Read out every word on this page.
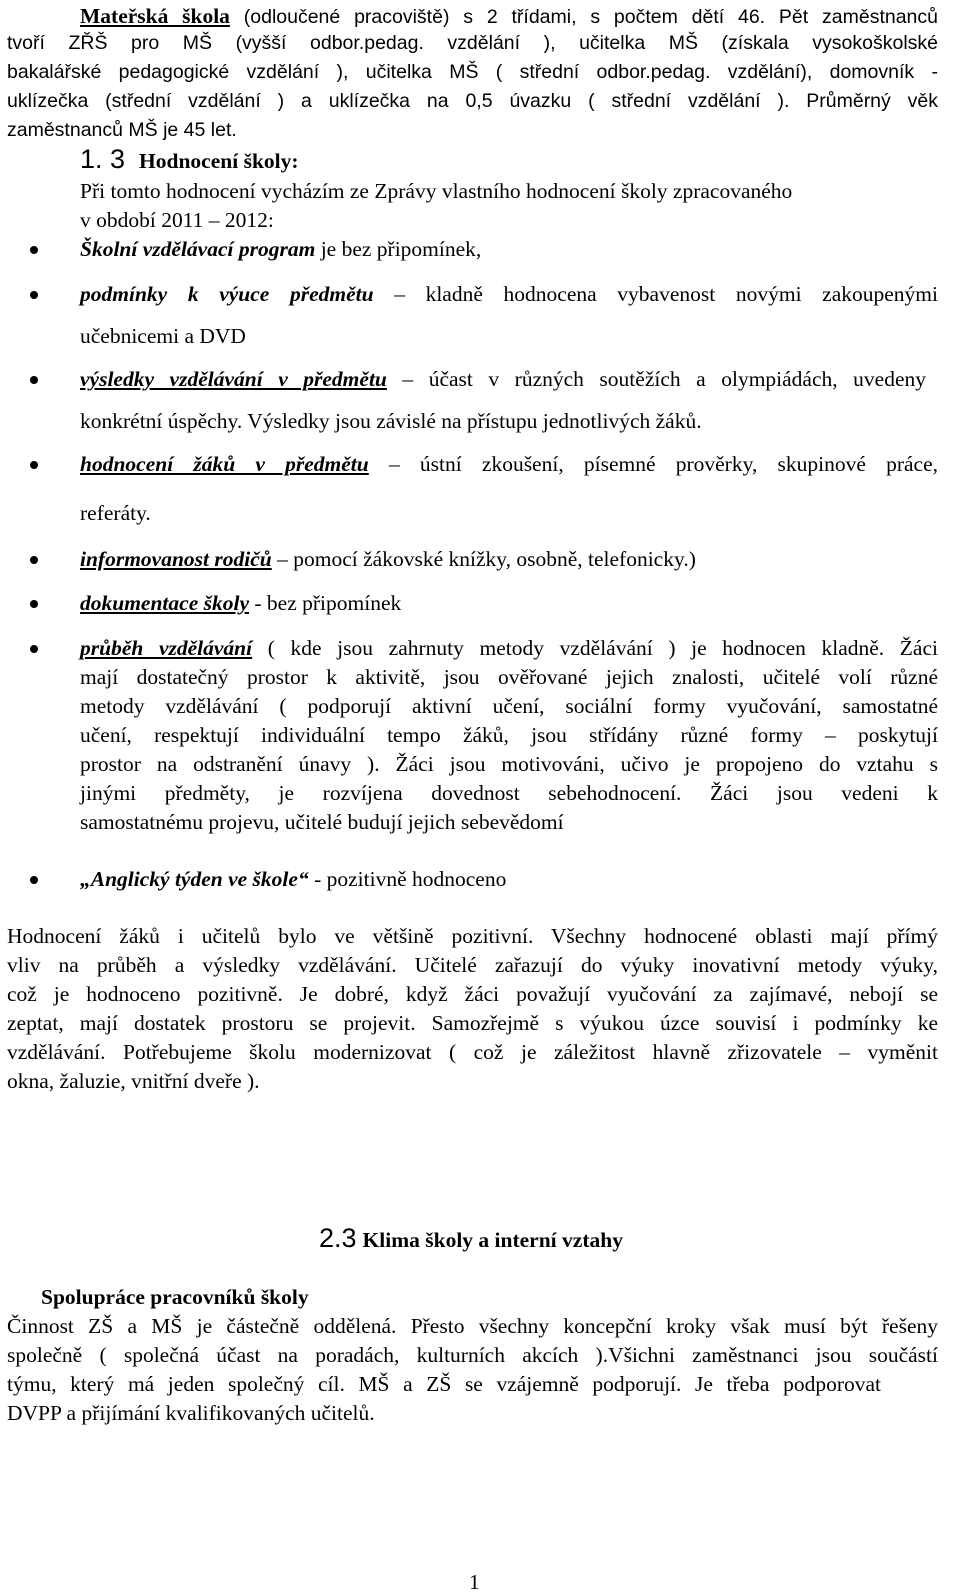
Mateřská škola (odloučené pracoviště) s 2 třídami, s počtem dětí 46. Pět zaměstnanců
tvoří ZŘŠ pro MŠ (vyšší odbor.pedag. vzdělání ), učitelka MŠ (získala vysokoškolské
bakalářské pedagogické vzdělání ), učitelka MŠ ( střední odbor.pedag. vzdělání), domovník -
uklízečka (střední vzdělání ) a uklízečka na 0,5 úvazku ( střední vzdělání ). Průměrný věk
zaměstnanců MŠ je 45 let.
1. 3 Hodnocení školy:
Při tomto hodnocení vycházím ze Zprávy vlastního hodnocení školy zpracovaného
v období 2011 – 2012:
Školní vzdělávací program je bez připomínek,
podmínky k výuce předmětu – kladně hodnocena vybavenost novými zakoupenými
učebnicemi a DVD
výsledky vzdělávání v předmětu – účast v různých soutěžích a olympiádách, uvedeny
konkrétní úspěchy. Výsledky jsou závislé na přístupu jednotlivých žáků.
hodnocení žáků v předmětu – ústní zkoušení, písemné prověrky, skupinové práce,
referáty.
informovanost rodičů – pomocí žákovské knížky, osobně, telefonicky.)
dokumentace školy - bez připomínek
průběh vzdělávání ( kde jsou zahrnuty metody vzdělávání ) je hodnocen kladně. Žáci
mají dostatečný prostor k aktivitě, jsou ověřované jejich znalosti, učitelé volí různé
metody vzdělávání ( podporují aktivní učení, sociální formy vyučování, samostatné
učení, respektují individuální tempo žáků, jsou střídány různé formy – poskytují
prostor na odstranění únavy ). Žáci jsou motivováni, učivo je propojeno do vztahu s
jinými předměty, je rozvíjena dovednost sebehodnocení. Žáci jsou vedeni k
samostatnému projevu, učitelé budují jejich sebevědomí
„Anglický týden ve škole“ - pozitivně hodnoceno
Hodnocení žáků i učitelů bylo ve většině pozitivní. Všechny hodnocené oblasti mají přímý
vliv na průběh a výsledky vzdělávání. Učitelé zařazují do výuky inovativní metody výuky,
což je hodnoceno pozitivně. Je dobré, když žáci považují vyučování za zajímavé, nebojí se
zeptat, mají dostatek prostoru se projevit. Samozřejmě s výukou úzce souvisí i podmínky ke
vzdělávání. Potřebujeme školu modernizovat ( což je záležitost hlavně zřizovatele – vyměnit
okna, žaluzie, vnitřní dveře ).
2.3 Klima školy a interní vztahy
Spolupráce pracovníků školy
Činnost ZŠ a MŠ je částečně oddělená. Přesto všechny koncepční kroky však musí být řešeny
společně ( společná účast na poradách, kulturních akcích ).Všichni zaměstnanci jsou součástí
týmu, který má jeden společný cíl. MŠ a ZŠ se vzájemně podporují. Je třeba podporovat
DVPP a přijímání kvalifikovaných učitelů.
1
